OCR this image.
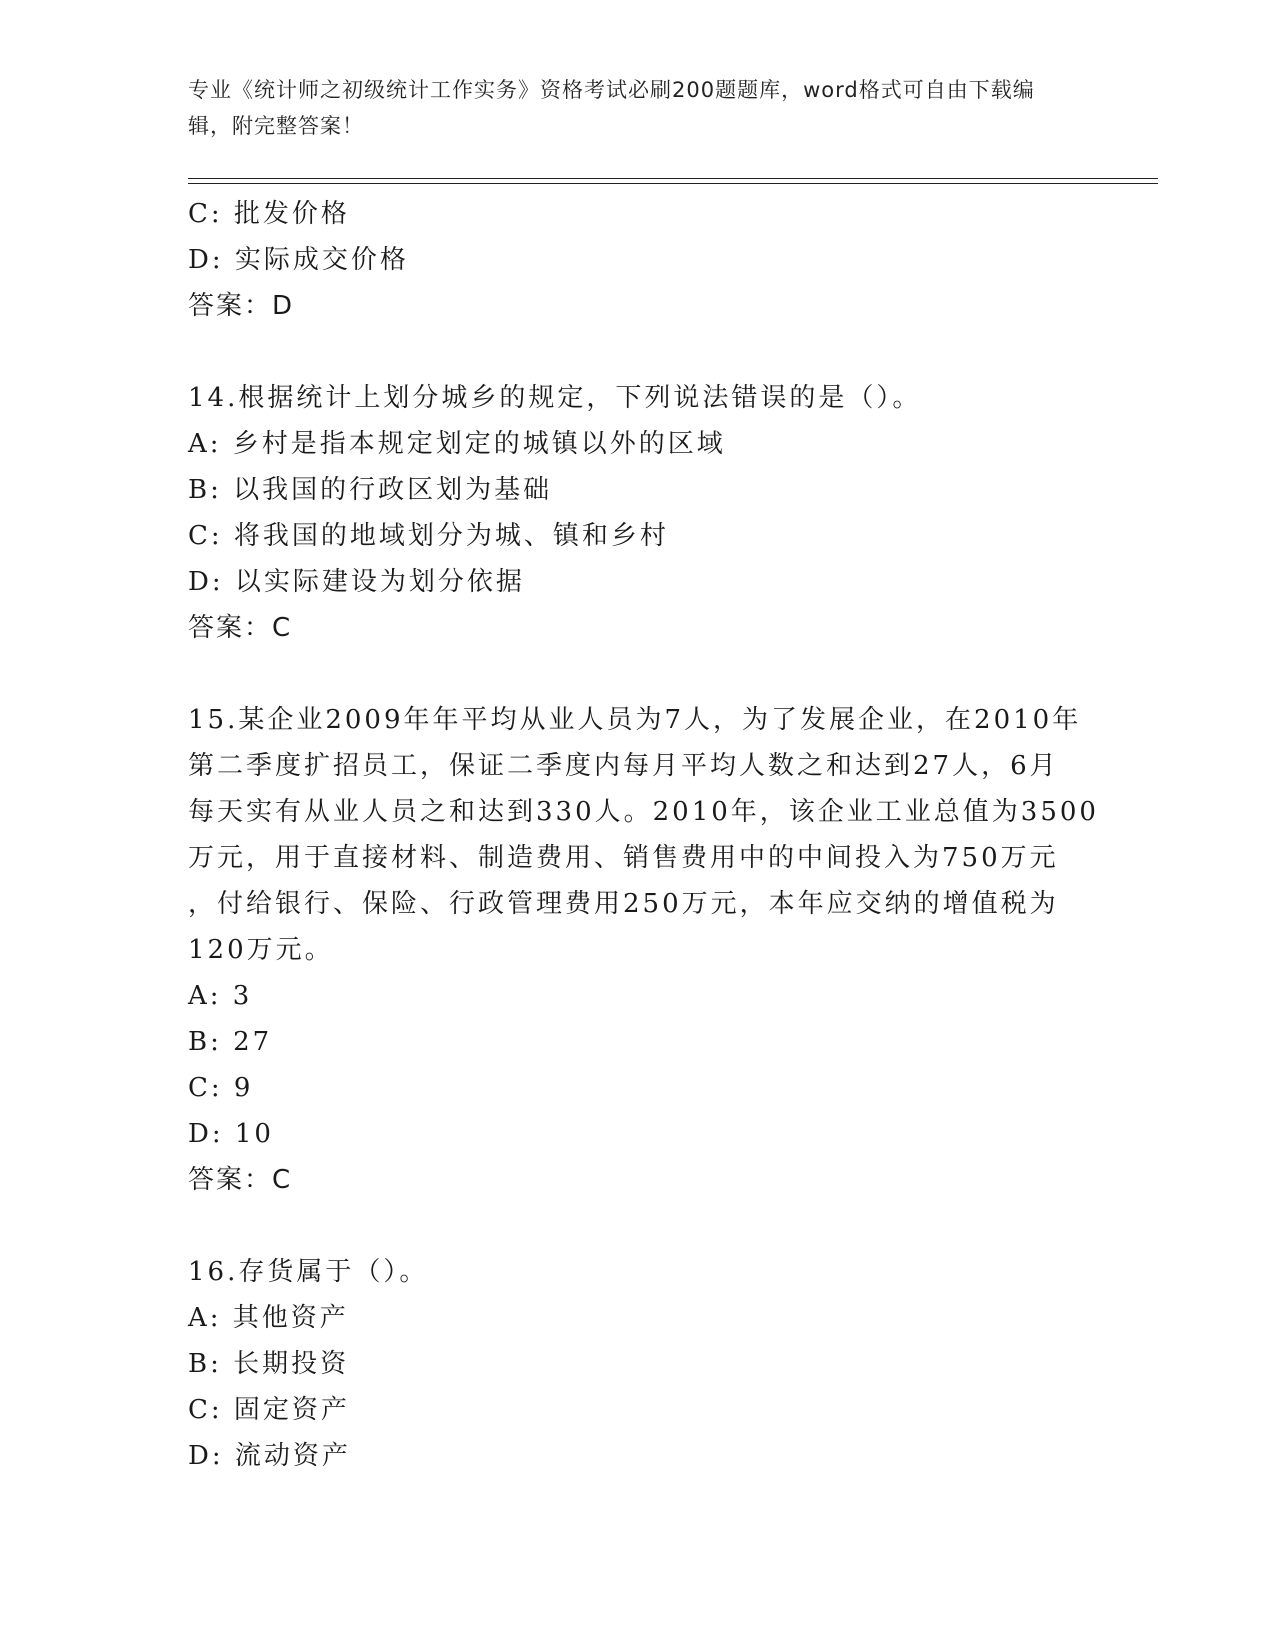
专业《统计师之初级统计工作实务》资格考试必刷200题题库，word格式可自由下载编辑，附完整答案！
C: 批发价格
D: 实际成交价格
答案：D
14.根据统计上划分城乡的规定，下列说法错误的是（）。
A: 乡村是指本规定划定的城镇以外的区域
B: 以我国的行政区划为基础
C: 将我国的地域划分为城、镇和乡村
D: 以实际建设为划分依据
答案：C
15.某企业2009年年平均从业人员为7人，为了发展企业，在2010年
第二季度扩招员工，保证二季度内每月平均人数之和达到27人，6月
每天实有从业人员之和达到330人。2010年，该企业工业总值为3500
万元，用于直接材料、制造费用、销售费用中的中间投入为750万元
，付给银行、保险、行政管理费用250万元，本年应交纳的增值税为
120万元。
A: 3
B: 27
C: 9
D: 10
答案：C
16.存货属于（）。
A: 其他资产
B: 长期投资
C: 固定资产
D: 流动资产
